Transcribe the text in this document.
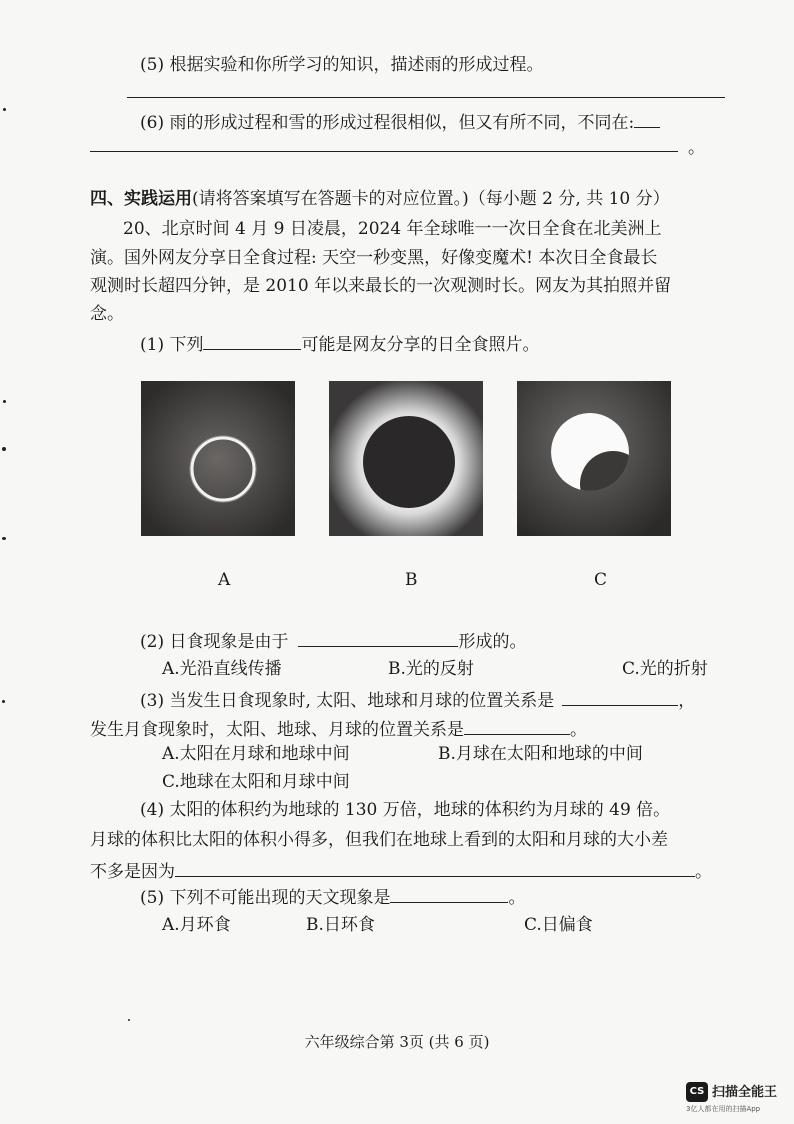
(5) 根据实验和你所学习的知识，描述雨的形成过程。
(6) 雨的形成过程和雪的形成过程很相似，但又有所不同，不同在:
。
四、实践运用(请将答案填写在答题卡的对应位置。)（每小题 2 分, 共 10 分）
20、北京时间 4 月 9 日凌晨，2024 年全球唯一一次日全食在北美洲上
演。国外网友分享日全食过程: 天空一秒变黑，好像变魔术! 本次日全食最长
观测时长超四分钟，是 2010 年以来最长的一次观测时长。网友为其拍照并留
念。
(1) 下列	可能是网友分享的日全食照片。
A	B	C
(2) 日食现象是由于	形成的。
A.光沿直线传播	B.光的反射	C.光的折射
(3) 当发生日食现象时, 太阳、地球和月球的位置关系是	，
发生月食现象时，太阳、地球、月球的位置关系是	。
A.太阳在月球和地球中间	B.月球在太阳和地球的中间
C.地球在太阳和月球中间
(4) 太阳的体积约为地球的 130 万倍，地球的体积约为月球的 49 倍。
月球的体积比太阳的体积小得多，但我们在地球上看到的太阳和月球的大小差
不多是因为	。
(5) 下列不可能出现的天文现象是	。
A.月环食	B.日环食	C.日偏食
六年级综合第 3页 (共 6 页)
CS 扫描全能王
3亿人都在用的扫描App
